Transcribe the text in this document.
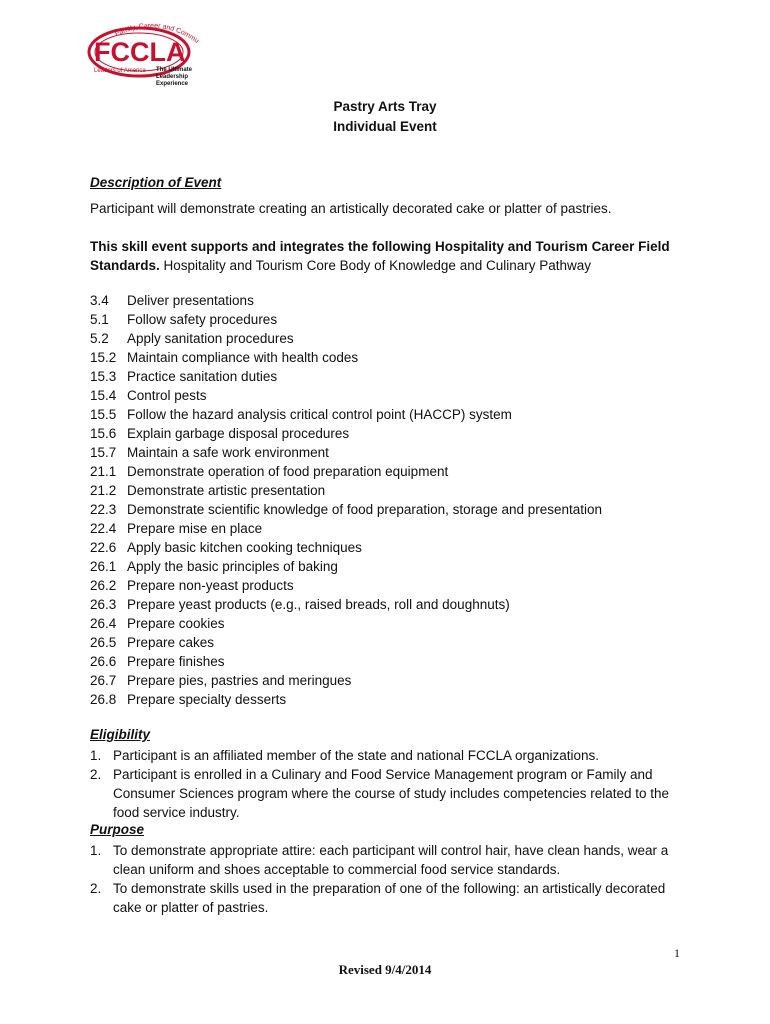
Family, Career and Commu
FCCLA
Leaders of America The Ultimate
Leadership
Experience
Pastry Arts Tray
Individual Event
Description of Event
Participant will demonstrate creating an artistically decorated cake or platter of pastries.
This skill event supports and integrates the following Hospitality and Tourism Career Field Standards. Hospitality and Tourism Core Body of Knowledge and Culinary Pathway
3.4 Deliver presentations
5.1 Follow safety procedures
5.2 Apply sanitation procedures
15.2 Maintain compliance with health codes
15.3 Practice sanitation duties
15.4 Control pests
15.5 Follow the hazard analysis critical control point (HACCP) system
15.6 Explain garbage disposal procedures
15.7 Maintain a safe work environment
21.1 Demonstrate operation of food preparation equipment
21.2 Demonstrate artistic presentation
22.3 Demonstrate scientific knowledge of food preparation, storage and presentation
22.4 Prepare mise en place
22.6 Apply basic kitchen cooking techniques
26.1 Apply the basic principles of baking
26.2 Prepare non-yeast products
26.3 Prepare yeast products (e.g., raised breads, roll and doughnuts)
26.4 Prepare cookies
26.5 Prepare cakes
26.6 Prepare finishes
26.7 Prepare pies, pastries and meringues
26.8 Prepare specialty desserts
Eligibility
1. Participant is an affiliated member of the state and national FCCLA organizations.
2. Participant is enrolled in a Culinary and Food Service Management program or Family and Consumer Sciences program where the course of study includes competencies related to the food service industry.
Purpose
1. To demonstrate appropriate attire: each participant will control hair, have clean hands, wear a clean uniform and shoes acceptable to commercial food service standards.
2. To demonstrate skills used in the preparation of one of the following: an artistically decorated cake or platter of pastries.
1
Revised 9/4/2014
